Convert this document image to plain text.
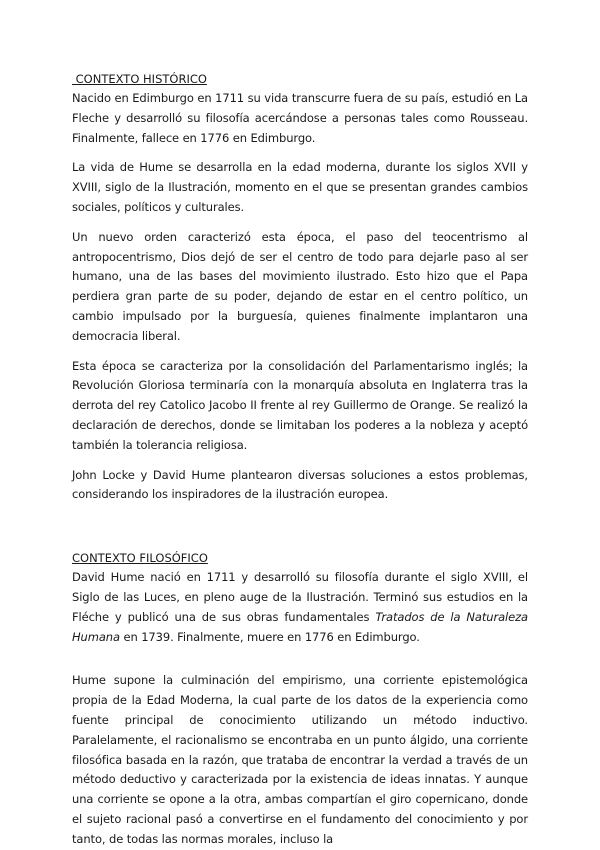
CONTEXTO HISTÓRICO

Nacido en Edimburgo en 1711 su vida transcurre fuera de su país, estudió en La Fleche y desarrolló su filosofía acercándose a personas tales como Rousseau. Finalmente, fallece en 1776 en Edimburgo.

La vida de Hume se desarrolla en la edad moderna, durante los siglos XVII y XVIII, siglo de la Ilustración, momento en el que se presentan grandes cambios sociales, políticos y culturales.

Un nuevo orden caracterizó esta época, el paso del teocentrismo al antropocentrismo, Dios dejó de ser el centro de todo para dejarle paso al ser humano, una de las bases del movimiento ilustrado. Esto hizo que el Papa perdiera gran parte de su poder, dejando de estar en el centro político, un cambio impulsado por la burguesía, quienes finalmente implantaron una democracia liberal.

Esta época se caracteriza por la consolidación del Parlamentarismo inglés; la Revolución Gloriosa terminaría con la monarquía absoluta en Inglaterra tras la derrota del rey Catolico Jacobo II frente al rey Guillermo de Orange. Se realizó la declaración de derechos, donde se limitaban los poderes a la nobleza y aceptó también la tolerancia religiosa.

John Locke y David Hume plantearon diversas soluciones a estos problemas, considerando los inspiradores de la ilustración europea.

CONTEXTO FILOSÓFICO

David Hume nació en 1711 y desarrolló su filosofía durante el siglo XVIII, el Siglo de las Luces, en pleno auge de la Ilustración. Terminó sus estudios en la Fléche y publicó una de sus obras fundamentales Tratados de la Naturaleza Humana en 1739. Finalmente, muere en 1776 en Edimburgo.

Hume supone la culminación del empirismo, una corriente epistemológica propia de la Edad Moderna, la cual parte de los datos de la experiencia como fuente principal de conocimiento utilizando un método inductivo. Paralelamente, el racionalismo se encontraba en un punto álgido, una corriente filosófica basada en la razón, que trataba de encontrar la verdad a través de un método deductivo y caracterizada por la existencia de ideas innatas. Y aunque una corriente se opone a la otra, ambas compartían el giro copernicano, donde el sujeto racional pasó a convertirse en el fundamento del conocimiento y por tanto, de todas las normas morales, incluso la
